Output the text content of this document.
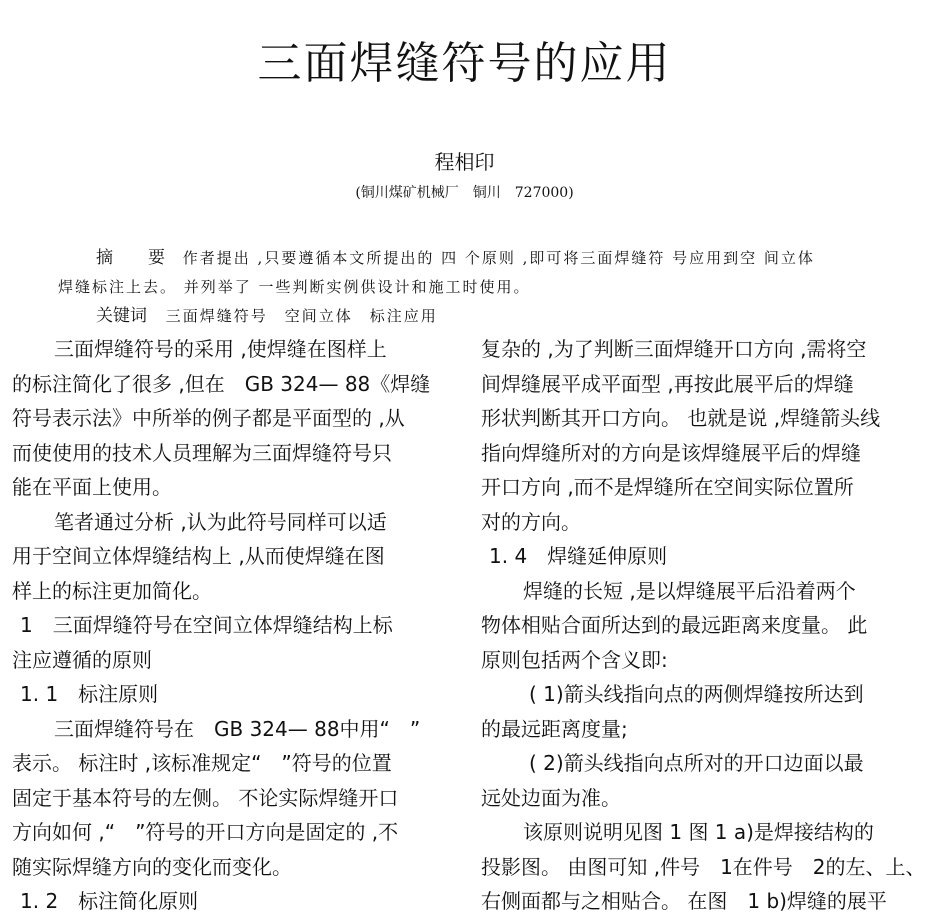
三面焊缝符号的应用
程相印
(铜川煤矿机械厂　铜川　727000)
摘　要 作者提出 ,只要遵循本文所提出的 四 个原则 ,即可将三面焊缝符 号应用到空 间立体
焊缝标注上去。 并列举了 一些判断实例供设计和施工时使用。
关键词 三面焊缝符号　空间立体　标注应用
三面焊缝符号的采用 ,使焊缝在图样上
的标注简化了很多 ,但在　GB 324— 88《焊缝
符号表示法》中所举的例子都是平面型的 ,从
而使使用的技术人员理解为三面焊缝符号只
能在平面上使用。
笔者通过分析 ,认为此符号同样可以适
用于空间立体焊缝结构上 ,从而使焊缝在图
样上的标注更加简化。
1　三面焊缝符号在空间立体焊缝结构上标
注应遵循的原则
1. 1　标注原则
三面焊缝符号在　GB 324— 88中用“　”
表示。 标注时 ,该标准规定“　”符号的位置
固定于基本符号的左侧。 不论实际焊缝开口
方向如何 ,“　”符号的开口方向是固定的 ,不
随实际焊缝方向的变化而变化。
1. 2　标注简化原则
复杂的 ,为了判断三面焊缝开口方向 ,需将空
间焊缝展平成平面型 ,再按此展平后的焊缝
形状判断其开口方向。 也就是说 ,焊缝箭头线
指向焊缝所对的方向是该焊缝展平后的焊缝
开口方向 ,而不是焊缝所在空间实际位置所
对的方向。
1. 4　焊缝延伸原则
焊缝的长短 ,是以焊缝展平后沿着两个
物体相贴合面所达到的最远距离来度量。 此
原则包括两个含义即:
( 1)箭头线指向点的两侧焊缝按所达到
的最远距离度量;
( 2)箭头线指向点所对的开口边面以最
远处边面为准。
该原则说明见图 1 图 1 a)是焊接结构的
投影图。 由图可知 ,件号　1在件号　2的左、上、
右侧面都与之相贴合。 在图　1 b)焊缝的展平
